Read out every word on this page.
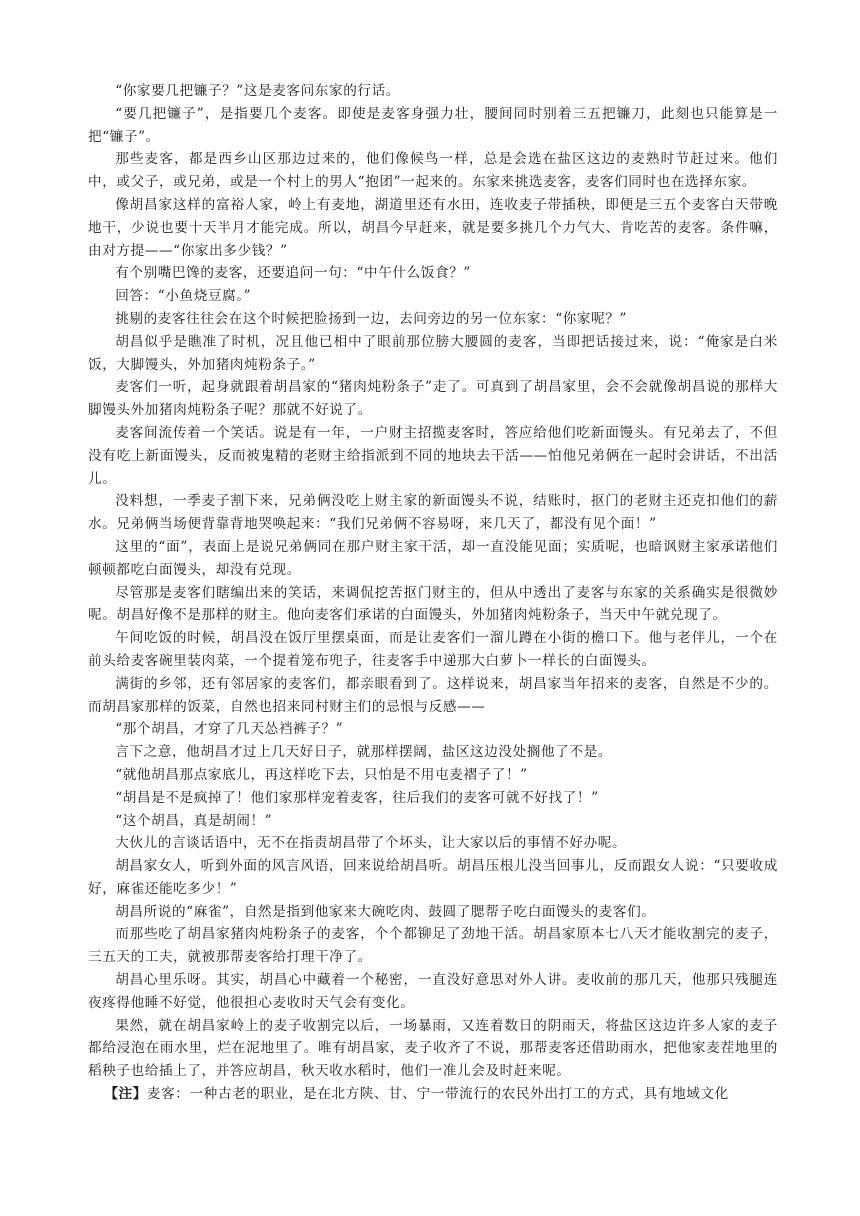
“你家要几把镰子？”这是麦客问东家的行话。

“要几把镰子”，是指要几个麦客。即使是麦客身强力壮，腰间同时别着三五把镰刀，此刻也只能算是一把“镰子”。

那些麦客，都是西乡山区那边过来的，他们像候鸟一样，总是会选在盐区这边的麦熟时节赶过来。他们中，或父子，或兄弟，或是一个村上的男人“抱团”一起来的。东家来挑选麦客，麦客们同时也在选择东家。

像胡昌家这样的富裕人家，岭上有麦地，湖道里还有水田，连收麦子带插秧，即便是三五个麦客白天带晚地干，少说也要十天半月才能完成。所以，胡昌今早赶来，就是要多挑几个力气大、肯吃苦的麦客。条件嘛，由对方提——“你家出多少钱？”

有个别嘴巴馋的麦客，还要追问一句：“中午什么饭食？”

回答：“小鱼烧豆腐。”

挑剔的麦客往往会在这个时候把脸扬到一边，去问旁边的另一位东家：“你家呢？”

胡昌似乎是瞧准了时机，况且他已相中了眼前那位膀大腰圆的麦客，当即把话接过来，说：“俺家是白米饭，大脚馒头，外加猪肉炖粉条子。”

麦客们一听，起身就跟着胡昌家的“猪肉炖粉条子”走了。可真到了胡昌家里，会不会就像胡昌说的那样大脚馒头外加猪肉炖粉条子呢？那就不好说了。

麦客间流传着一个笑话。说是有一年，一户财主招揽麦客时，答应给他们吃新面馒头。有兄弟去了，不但没有吃上新面馒头，反而被鬼精的老财主给指派到不同的地块去干活——怕他兄弟俩在一起时会讲话，不出活儿。

没料想，一季麦子割下来，兄弟俩没吃上财主家的新面馒头不说，结账时，抠门的老财主还克扣他们的薪水。兄弟俩当场便背靠背地哭唤起来：“我们兄弟俩不容易呀，来几天了，都没有见个面！”

这里的“面”，表面上是说兄弟俩同在那户财主家干活，却一直没能见面；实质呢，也暗讽财主家承诺他们顿顿都吃白面馒头，却没有兑现。

尽管那是麦客们瞎编出来的笑话，来调侃挖苦抠门财主的，但从中透出了麦客与东家的关系确实是很微妙呢。胡昌好像不是那样的财主。他向麦客们承诺的白面馒头，外加猪肉炖粉条子，当天中午就兑现了。

午间吃饭的时候，胡昌没在饭厅里摆桌面，而是让麦客们一溜儿蹲在小街的檐口下。他与老伴儿，一个在前头给麦客碗里装肉菜，一个提着笼布兜子，往麦客手中递那大白萝卜一样长的白面馒头。

满街的乡邻，还有邻居家的麦客们，都亲眼看到了。这样说来，胡昌家当年招来的麦客，自然是不少的。而胡昌家那样的饭菜，自然也招来同村财主们的忌恨与反感——

“那个胡昌，才穿了几天怂裆裤子？”

言下之意，他胡昌才过上几天好日子，就那样摆阔，盐区这边没处搁他了不是。

“就他胡昌那点家底儿，再这样吃下去，只怕是不用屯麦褶子了！”

“胡昌是不是疯掉了！他们家那样宠着麦客，往后我们的麦客可就不好找了！”

“这个胡昌，真是胡闹！”

大伙儿的言谈话语中，无不在指责胡昌带了个坏头，让大家以后的事情不好办呢。

胡昌家女人，听到外面的风言风语，回来说给胡昌听。胡昌压根儿没当回事儿，反而跟女人说：“只要收成好，麻雀还能吃多少！”

胡昌所说的“麻雀”，自然是指到他家来大碗吃肉、鼓圆了腮帮子吃白面馒头的麦客们。

而那些吃了胡昌家猪肉炖粉条子的麦客，个个都铆足了劲地干活。胡昌家原本七八天才能收割完的麦子，三五天的工夫，就被那帮麦客给打理干净了。

胡昌心里乐呀。其实，胡昌心中藏着一个秘密，一直没好意思对外人讲。麦收前的那几天，他那只残腿连夜疼得他睡不好觉，他很担心麦收时天气会有变化。

果然，就在胡昌家岭上的麦子收割完以后，一场暴雨，又连着数日的阴雨天，将盐区这边许多人家的麦子都给浸泡在雨水里，烂在泥地里了。唯有胡昌家，麦子收齐了不说，那帮麦客还借助雨水，把他家麦茬地里的稻秧子也给插上了，并答应胡昌，秋天收水稻时，他们一准儿会及时赶来呢。

【注】麦客：一种古老的职业，是在北方陕、甘、宁一带流行的农民外出打工的方式，具有地域文化
